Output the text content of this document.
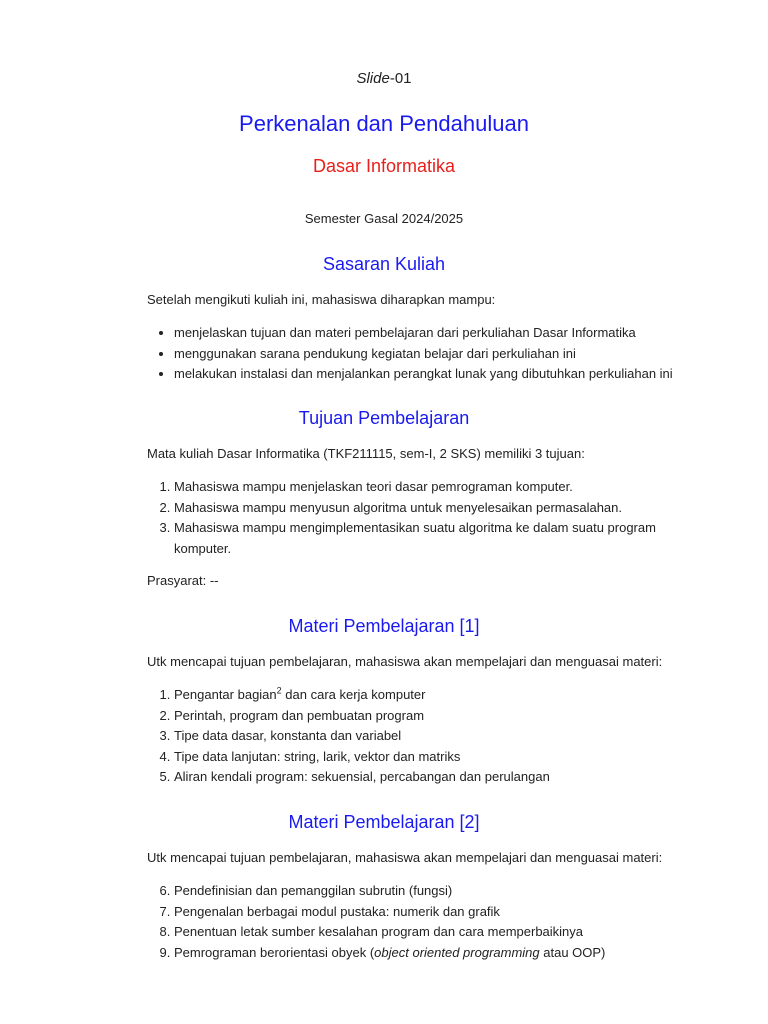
Slide-01
Perkenalan dan Pendahuluan
Dasar Informatika
Semester Gasal 2024/2025
Sasaran Kuliah

Setelah mengikuti kuliah ini, mahasiswa diharapkan mampu:

• menjelaskan tujuan dan materi pembelajaran dari perkuliahan Dasar Informatika
• menggunakan sarana pendukung kegiatan belajar dari perkuliahan ini
• melakukan instalasi dan menjalankan perangkat lunak yang dibutuhkan perkuliahan ini
Tujuan Pembelajaran

Mata kuliah Dasar Informatika (TKF211115, sem-I, 2 SKS) memiliki 3 tujuan:

1. Mahasiswa mampu menjelaskan teori dasar pemrograman komputer.
2. Mahasiswa mampu menyusun algoritma untuk menyelesaikan permasalahan.
3. Mahasiswa mampu mengimplementasikan suatu algoritma ke dalam suatu program komputer.

Prasyarat: --

Materi Pembelajaran [1]

Utk mencapai tujuan pembelajaran, mahasiswa akan mempelajari dan menguasai materi:

1. Pengantar bagian$^2$ dan cara kerja komputer
2. Perintah, program dan pembuatan program
3. Tipe data dasar, konstanta dan variabel
4. Tipe data lanjutan: string, larik, vektor dan matriks
5. Aliran kendali program: sekuensial, percabangan dan perulangan
Materi Pembelajaran [2]

Utk mencapai tujuan pembelajaran, mahasiswa akan mempelajari dan menguasai materi:

6. Pendefinisian dan pemanggilan subrutin (fungsi)
7. Pengenalan berbagai modul pustaka: numerik dan grafik
8. Penentuan letak sumber kesalahan program dan cara memperbaikinya
9. Pemrograman berorientasi obyek (object oriented programming atau OOP)
